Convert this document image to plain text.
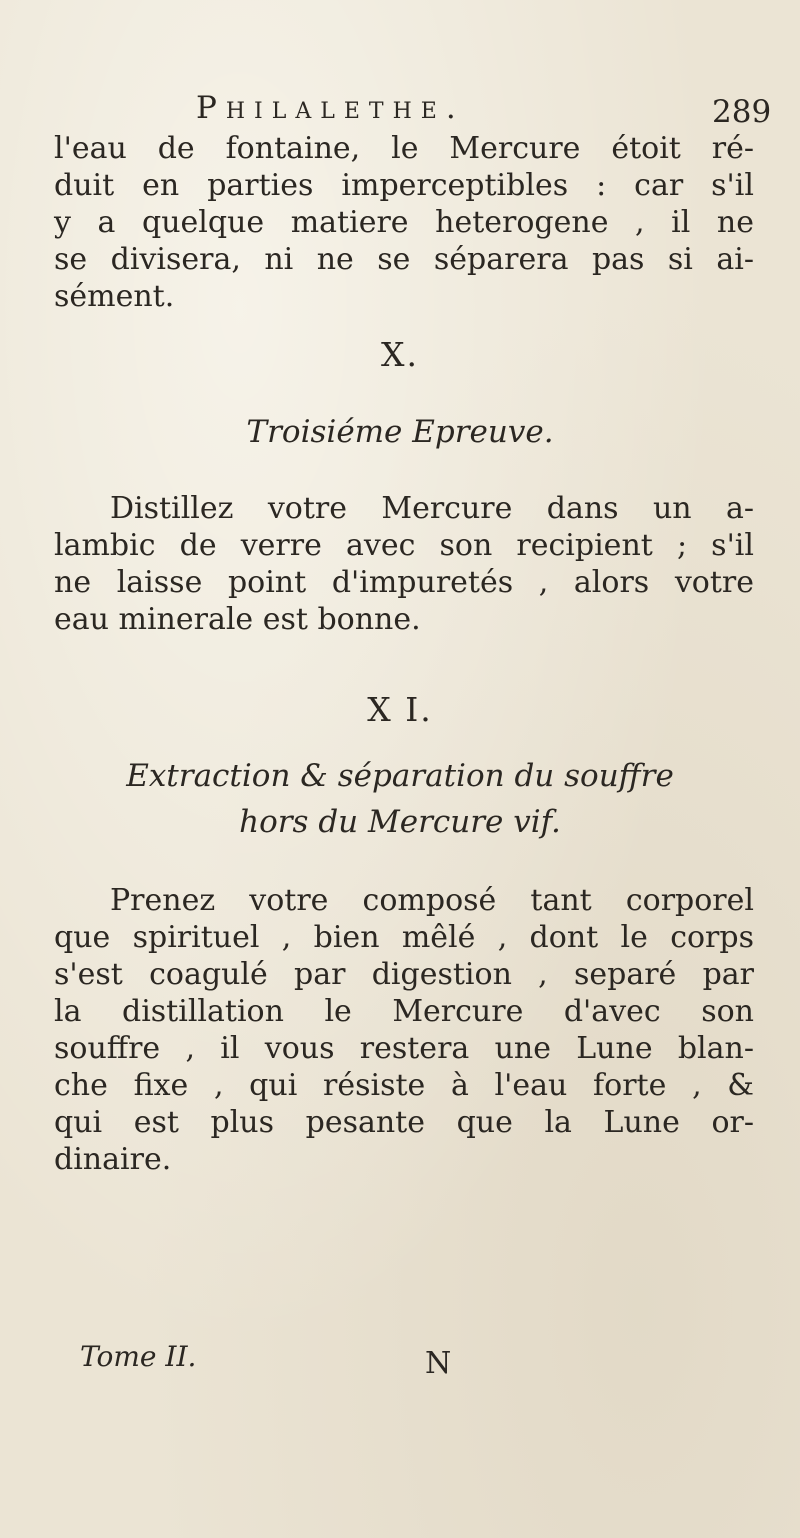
Philalethe.	289
l'eau de fontaine, le Mercure étoit ré-
duit en parties imperceptibles : car s'il
y a quelque matiere heterogene , il ne
se divisera, ni ne se séparera pas si ai-
sément.
X.
Troisiéme Epreuve.
Distillez votre Mercure dans un a-
lambic de verre avec son recipient ; s'il
ne laisse point d'impuretés , alors votre
eau minerale est bonne.
X I.
Extraction & séparation du souffre
hors du Mercure vif.
Prenez votre composé tant corporel
que spirituel , bien mêlé , dont le corps
s'est coagulé par digestion , separé par
la distillation le Mercure d'avec son
souffre , il vous restera une Lune blan-
che fixe , qui résiste à l'eau forte , &
qui est plus pesante que la Lune or-
dinaire.
Tome II.	N
